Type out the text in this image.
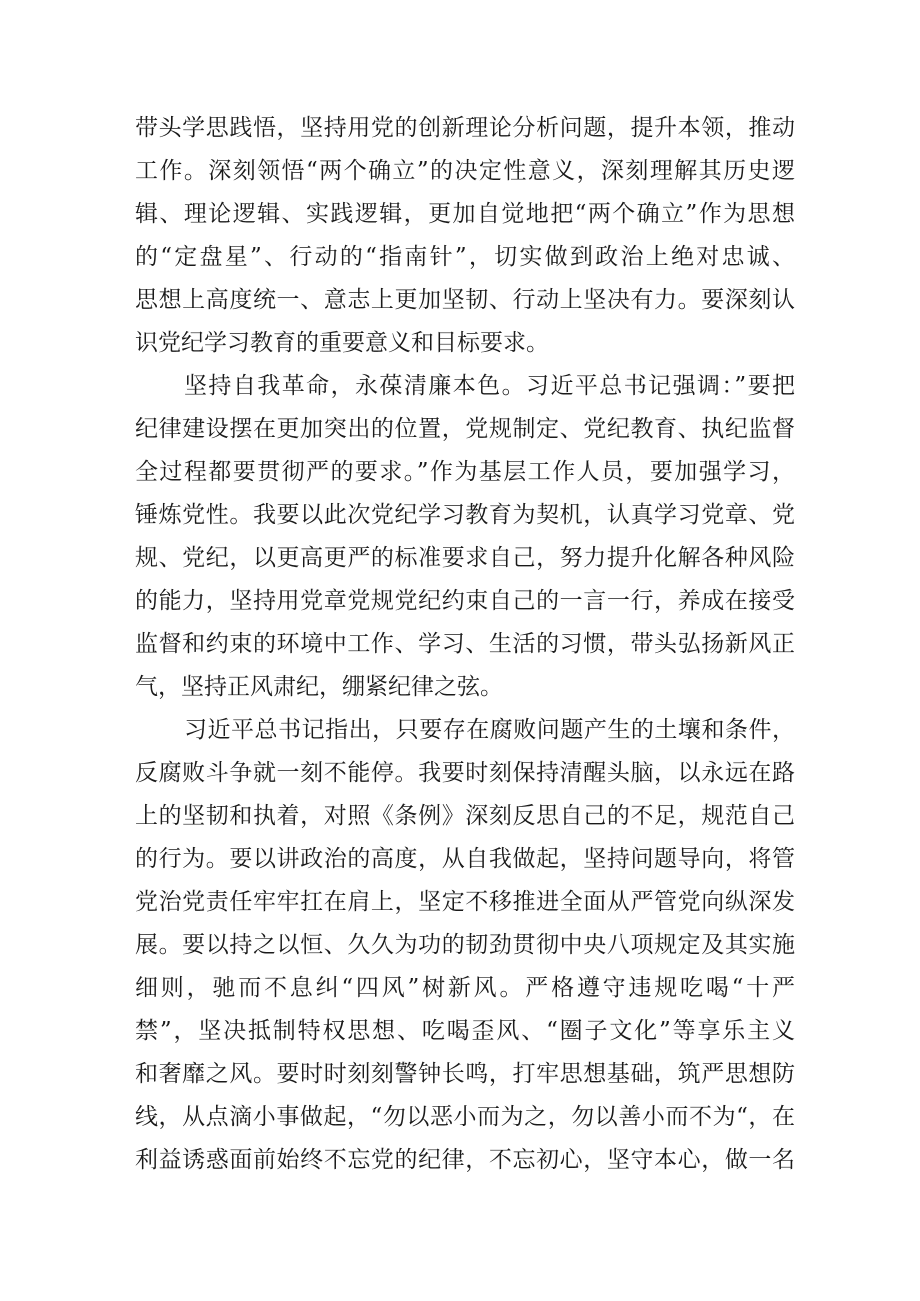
带头学思践悟，坚持用党的创新理论分析问题，提升本领，推动
工作。深刻领悟“两个确立”的决定性意义，深刻理解其历史逻
辑、理论逻辑、实践逻辑，更加自觉地把“两个确立”作为思想
的“定盘星”、行动的“指南针”，切实做到政治上绝对忠诚、
思想上高度统一、意志上更加坚韧、行动上坚决有力。要深刻认
识党纪学习教育的重要意义和目标要求。
坚持自我革命，永葆清廉本色。习近平总书记强调：”要把
纪律建设摆在更加突出的位置，党规制定、党纪教育、执纪监督
全过程都要贯彻严的要求。”作为基层工作人员，要加强学习，
锤炼党性。我要以此次党纪学习教育为契机，认真学习党章、党
规、党纪，以更高更严的标准要求自己，努力提升化解各种风险
的能力，坚持用党章党规党纪约束自己的一言一行，养成在接受
监督和约束的环境中工作、学习、生活的习惯，带头弘扬新风正
气，坚持正风肃纪，绷紧纪律之弦。
习近平总书记指出，只要存在腐败问题产生的土壤和条件，
反腐败斗争就一刻不能停。我要时刻保持清醒头脑，以永远在路
上的坚韧和执着，对照《条例》深刻反思自己的不足，规范自己
的行为。要以讲政治的高度，从自我做起，坚持问题导向，将管
党治党责任牢牢扛在肩上，坚定不移推进全面从严管党向纵深发
展。要以持之以恒、久久为功的韧劲贯彻中央八项规定及其实施
细则，驰而不息纠“四风”树新风。严格遵守违规吃喝“十严
禁”，坚决抵制特权思想、吃喝歪风、“圈子文化”等享乐主义
和奢靡之风。要时时刻刻警钟长鸣，打牢思想基础，筑严思想防
线，从点滴小事做起，“勿以恶小而为之，勿以善小而不为“，在
利益诱惑面前始终不忘党的纪律，不忘初心，坚守本心，做一名
